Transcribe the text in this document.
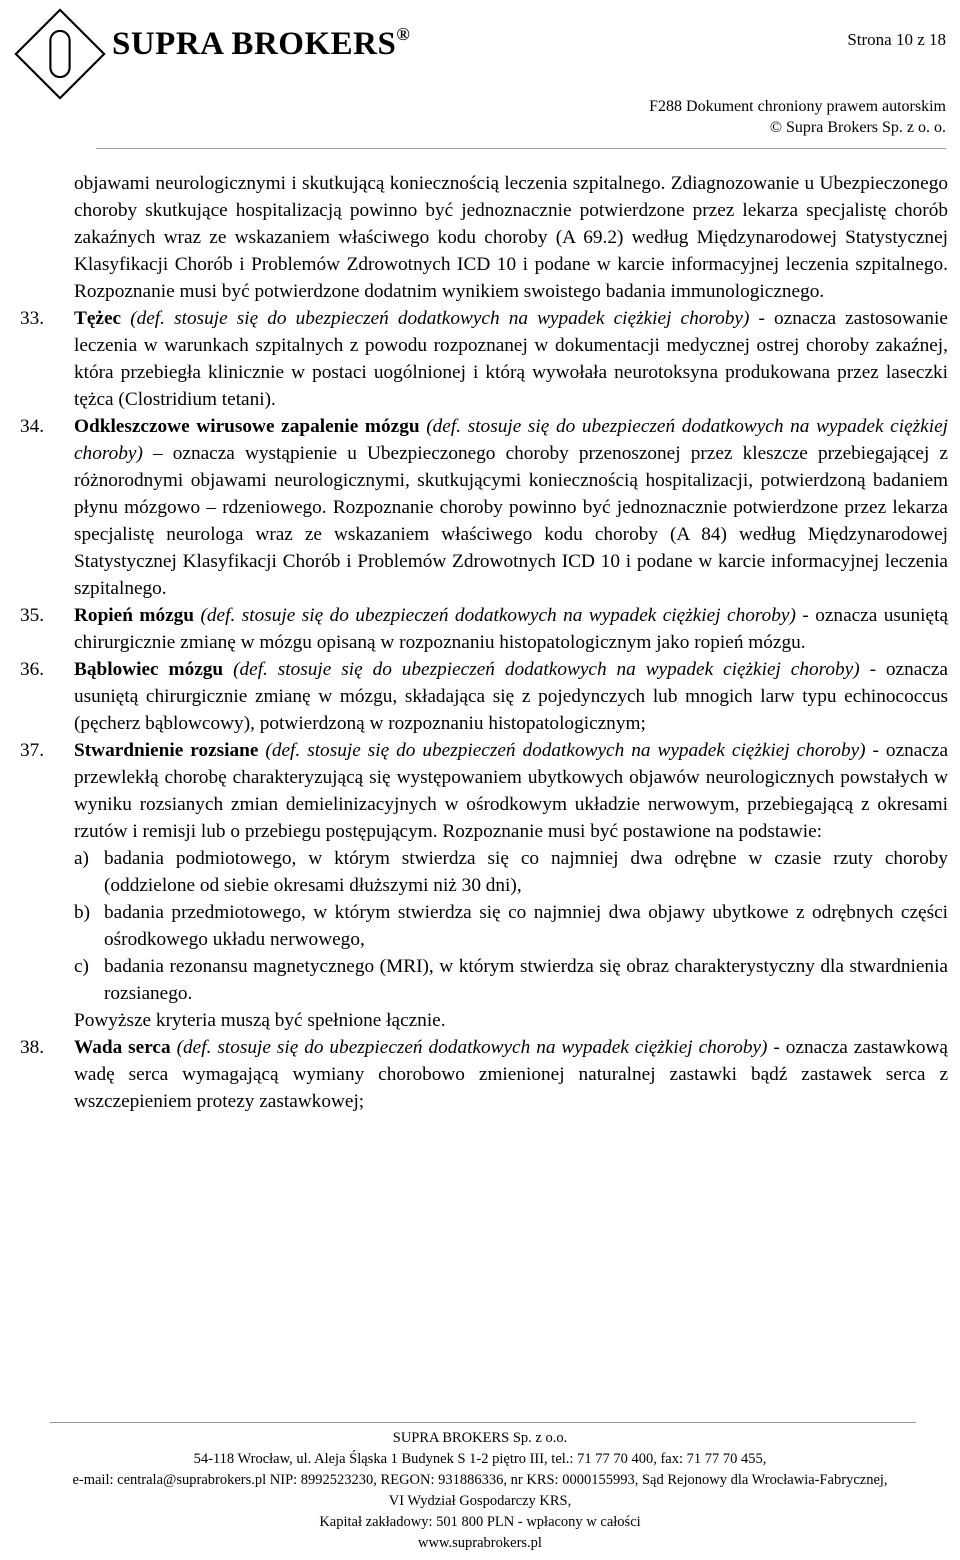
SUPRA BROKERS®	Strona 10 z 18
F288 Dokument chroniony prawem autorskim
© Supra Brokers Sp. z o. o.

objawami neurologicznymi i skutkującą koniecznością leczenia szpitalnego. Zdiagnozowanie u Ubezpieczonego choroby skutkujące hospitalizacją powinno być jednoznacznie potwierdzone przez lekarza specjalistę chorób zakaźnych wraz ze wskazaniem właściwego kodu choroby (A 69.2) według Międzynarodowej Statystycznej Klasyfikacji Chorób i Problemów Zdrowotnych ICD 10 i podane w karcie informacyjnej leczenia szpitalnego. Rozpoznanie musi być potwierdzone dodatnim wynikiem swoistego badania immunologicznego.

33. Tężec (def. stosuje się do ubezpieczeń dodatkowych na wypadek ciężkiej choroby) - oznacza zastosowanie leczenia w warunkach szpitalnych z powodu rozpoznanej w dokumentacji medycznej ostrej choroby zakaźnej, która przebiegła klinicznie w postaci uogólnionej i którą wywołała neurotoksyna produkowana przez laseczki tężca (Clostridium tetani).

34. Odkleszczowe wirusowe zapalenie mózgu (def. stosuje się do ubezpieczeń dodatkowych na wypadek ciężkiej choroby) – oznacza wystąpienie u Ubezpieczonego choroby przenoszonej przez kleszcze przebiegającej z różnorodnymi objawami neurologicznymi, skutkującymi koniecznością hospitalizacji, potwierdzoną badaniem płynu mózgowo – rdzeniowego. Rozpoznanie choroby powinno być jednoznacznie potwierdzone przez lekarza specjalistę neurologa wraz ze wskazaniem właściwego kodu choroby (A 84) według Międzynarodowej Statystycznej Klasyfikacji Chorób i Problemów Zdrowotnych ICD 10 i podane w karcie informacyjnej leczenia szpitalnego.

35. Ropień mózgu (def. stosuje się do ubezpieczeń dodatkowych na wypadek ciężkiej choroby) - oznacza usuniętą chirurgicznie zmianę w mózgu opisaną w rozpoznaniu histopatologicznym jako ropień mózgu.

36. Bąblowiec mózgu (def. stosuje się do ubezpieczeń dodatkowych na wypadek ciężkiej choroby) - oznacza usuniętą chirurgicznie zmianę w mózgu, składająca się z pojedynczych lub mnogich larw typu echinococcus (pęcherz bąblowcowy), potwierdzoną w rozpoznaniu histopatologicznym;

37. Stwardnienie rozsiane (def. stosuje się do ubezpieczeń dodatkowych na wypadek ciężkiej choroby) - oznacza przewlekłą chorobę charakteryzującą się występowaniem ubytkowych objawów neurologicznych powstałych w wyniku rozsianych zmian demielinizacyjnych w ośrodkowym układzie nerwowym, przebiegającą z okresami rzutów i remisji lub o przebiegu postępującym. Rozpoznanie musi być postawione na podstawie:

a) badania podmiotowego, w którym stwierdza się co najmniej dwa odrębne w czasie rzuty choroby (oddzielone od siebie okresami dłuższymi niż 30 dni),

b) badania przedmiotowego, w którym stwierdza się co najmniej dwa objawy ubytkowe z odrębnych części ośrodkowego układu nerwowego,

c) badania rezonansu magnetycznego (MRI), w którym stwierdza się obraz charakterystyczny dla stwardnienia rozsianego.

Powyższe kryteria muszą być spełnione łącznie.

38. Wada serca (def. stosuje się do ubezpieczeń dodatkowych na wypadek ciężkiej choroby) - oznacza zastawkową wadę serca wymagającą wymiany chorobowo zmienionej naturalnej zastawki bądź zastawek serca z wszczepieniem protezy zastawkowej;

SUPRA BROKERS Sp. z o.o.
54-118 Wrocław, ul. Aleja Śląska 1 Budynek S 1-2 piętro III, tel.: 71 77 70 400, fax: 71 77 70 455,
e-mail: centrala@suprabrokers.pl NIP: 8992523230, REGON: 931886336, nr KRS: 0000155993, Sąd Rejonowy dla Wrocławia-Fabrycznej,
VI Wydział Gospodarczy KRS,
Kapitał zakładowy: 501 800 PLN - wpłacony w całości
www.suprabrokers.pl
